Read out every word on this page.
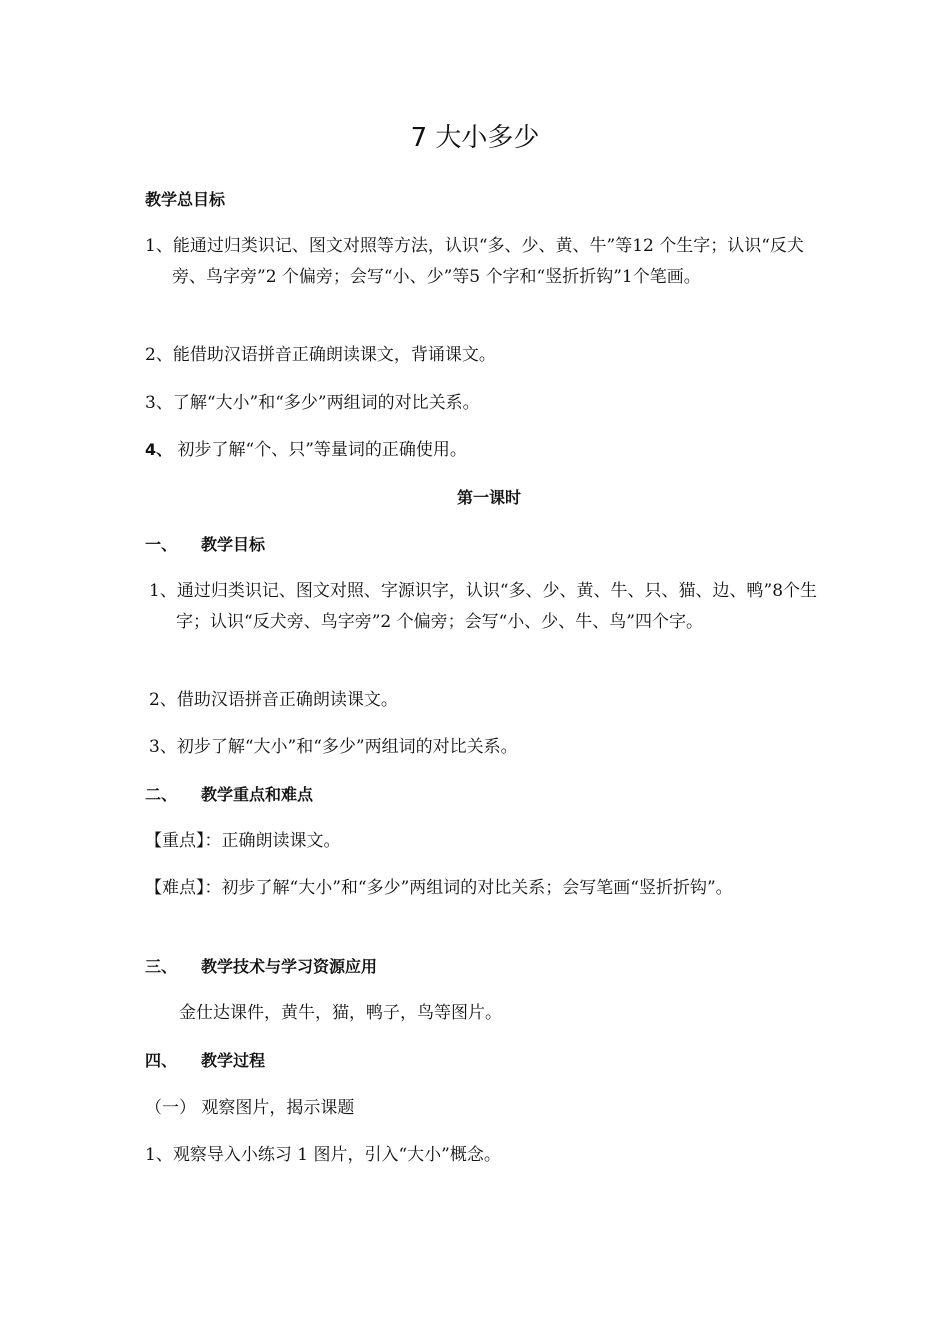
7 大小多少
教学总目标
1、能通过归类识记、图文对照等方法，认识“多、少、黄、牛”等12 个生字；认识“反犬旁、鸟字旁”2 个偏旁；会写“小、少”等5 个字和“竖折折钩”1个笔画。
2、能借助汉语拼音正确朗读课文，背诵课文。
3、了解“大小”和“多少”两组词的对比关系。
4、 初步了解“个、只”等量词的正确使用。
第一课时
一、 教学目标
1、通过归类识记、图文对照、字源识字，认识“多、少、黄、牛、只、猫、边、鸭”8个生字；认识“反犬旁、鸟字旁”2 个偏旁；会写“小、少、牛、鸟”四个字。
2、借助汉语拼音正确朗读课文。
3、初步了解“大小”和“多少”两组词的对比关系。
二、 教学重点和难点
【重点】：正确朗读课文。
【难点】：初步了解“大小”和“多少”两组词的对比关系；会写笔画“竖折折钩”。
三、 教学技术与学习资源应用
金仕达课件，黄牛，猫，鸭子，鸟等图片。
四、 教学过程
（一） 观察图片，揭示课题
1、观察导入小练习 1 图片，引入“大小”概念。
